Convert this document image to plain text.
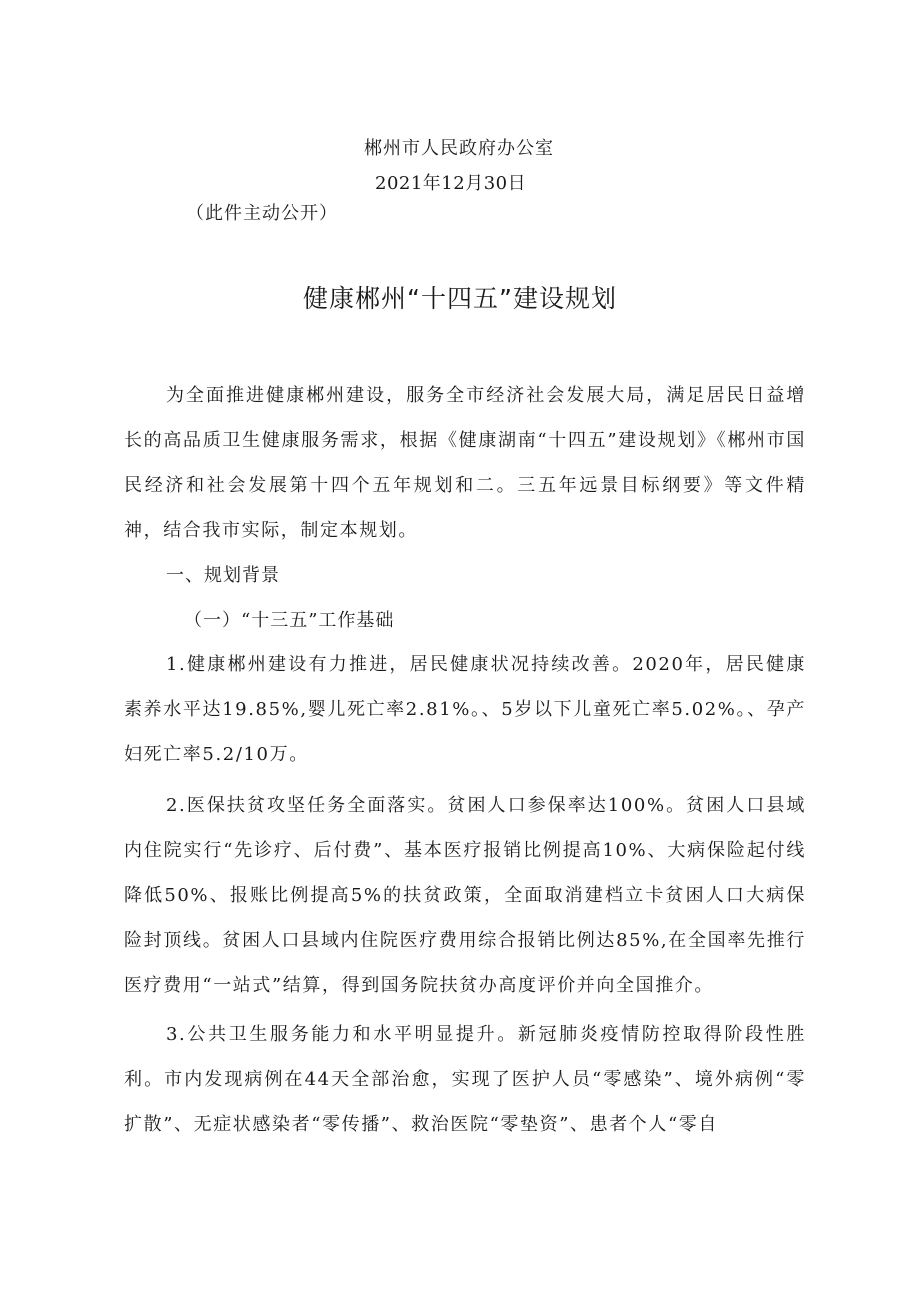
郴州市人民政府办公室
2021年12月30日
（此件主动公开）
健康郴州“十四五”建设规划

为全面推进健康郴州建设，服务全市经济社会发展大局，满足居民日益增长的高品质卫生健康服务需求，根据《健康湖南“十四五”建设规划》《郴州市国民经济和社会发展第十四个五年规划和二。三五年远景目标纲要》等文件精神，结合我市实际，制定本规划。

一、规划背景
（一）“十三五”工作基础

1.健康郴州建设有力推进，居民健康状况持续改善。2020年，居民健康素养水平达19.85%,婴儿死亡率2.81%。、5岁以下儿童死亡率5.02%。、孕产妇死亡率5.2/10万。

2.医保扶贫攻坚任务全面落实。贫困人口参保率达100%。贫困人口县域内住院实行“先诊疗、后付费”、基本医疗报销比例提高10%、大病保险起付线降低50%、报账比例提高5%的扶贫政策，全面取消建档立卡贫困人口大病保险封顶线。贫困人口县域内住院医疗费用综合报销比例达85%,在全国率先推行医疗费用“一站式”结算，得到国务院扶贫办高度评价并向全国推介。

3.公共卫生服务能力和水平明显提升。新冠肺炎疫情防控取得阶段性胜利。市内发现病例在44天全部治愈，实现了医护人员“零感染”、境外病例“零扩散”、无症状感染者“零传播”、救治医院“零垫资”、患者个人“零自
